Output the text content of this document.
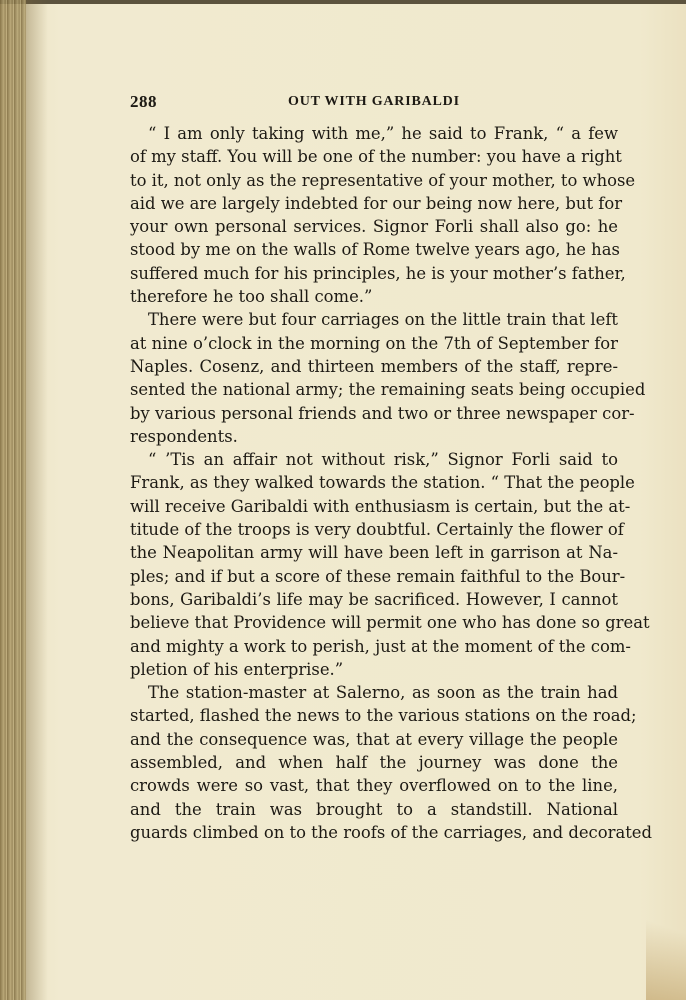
288	OUT WITH GARIBALDI
“ I am only taking with me,” he said to Frank, “ a few
of my staff. You will be one of the number: you have a right
to it, not only as the representative of your mother, to whose
aid we are largely indebted for our being now here, but for
your own personal services. Signor Forli shall also go: he
stood by me on the walls of Rome twelve years ago, he has
suffered much for his principles, he is your mother’s father,
therefore he too shall come.”
There were but four carriages on the little train that left
at nine o’clock in the morning on the 7th of September for
Naples. Cosenz, and thirteen members of the staff, repre-
sented the national army; the remaining seats being occupied
by various personal friends and two or three newspaper cor-
respondents.
“ ’Tis an affair not without risk,” Signor Forli said to
Frank, as they walked towards the station. “ That the people
will receive Garibaldi with enthusiasm is certain, but the at-
titude of the troops is very doubtful. Certainly the flower of
the Neapolitan army will have been left in garrison at Na-
ples; and if but a score of these remain faithful to the Bour-
bons, Garibaldi’s life may be sacrificed. However, I cannot
believe that Providence will permit one who has done so great
and mighty a work to perish, just at the moment of the com-
pletion of his enterprise.”
The station-master at Salerno, as soon as the train had
started, flashed the news to the various stations on the road;
and the consequence was, that at every village the people
assembled, and when half the journey was done the
crowds were so vast, that they overflowed on to the line,
and the train was brought to a standstill. National
guards climbed on to the roofs of the carriages, and decorated
